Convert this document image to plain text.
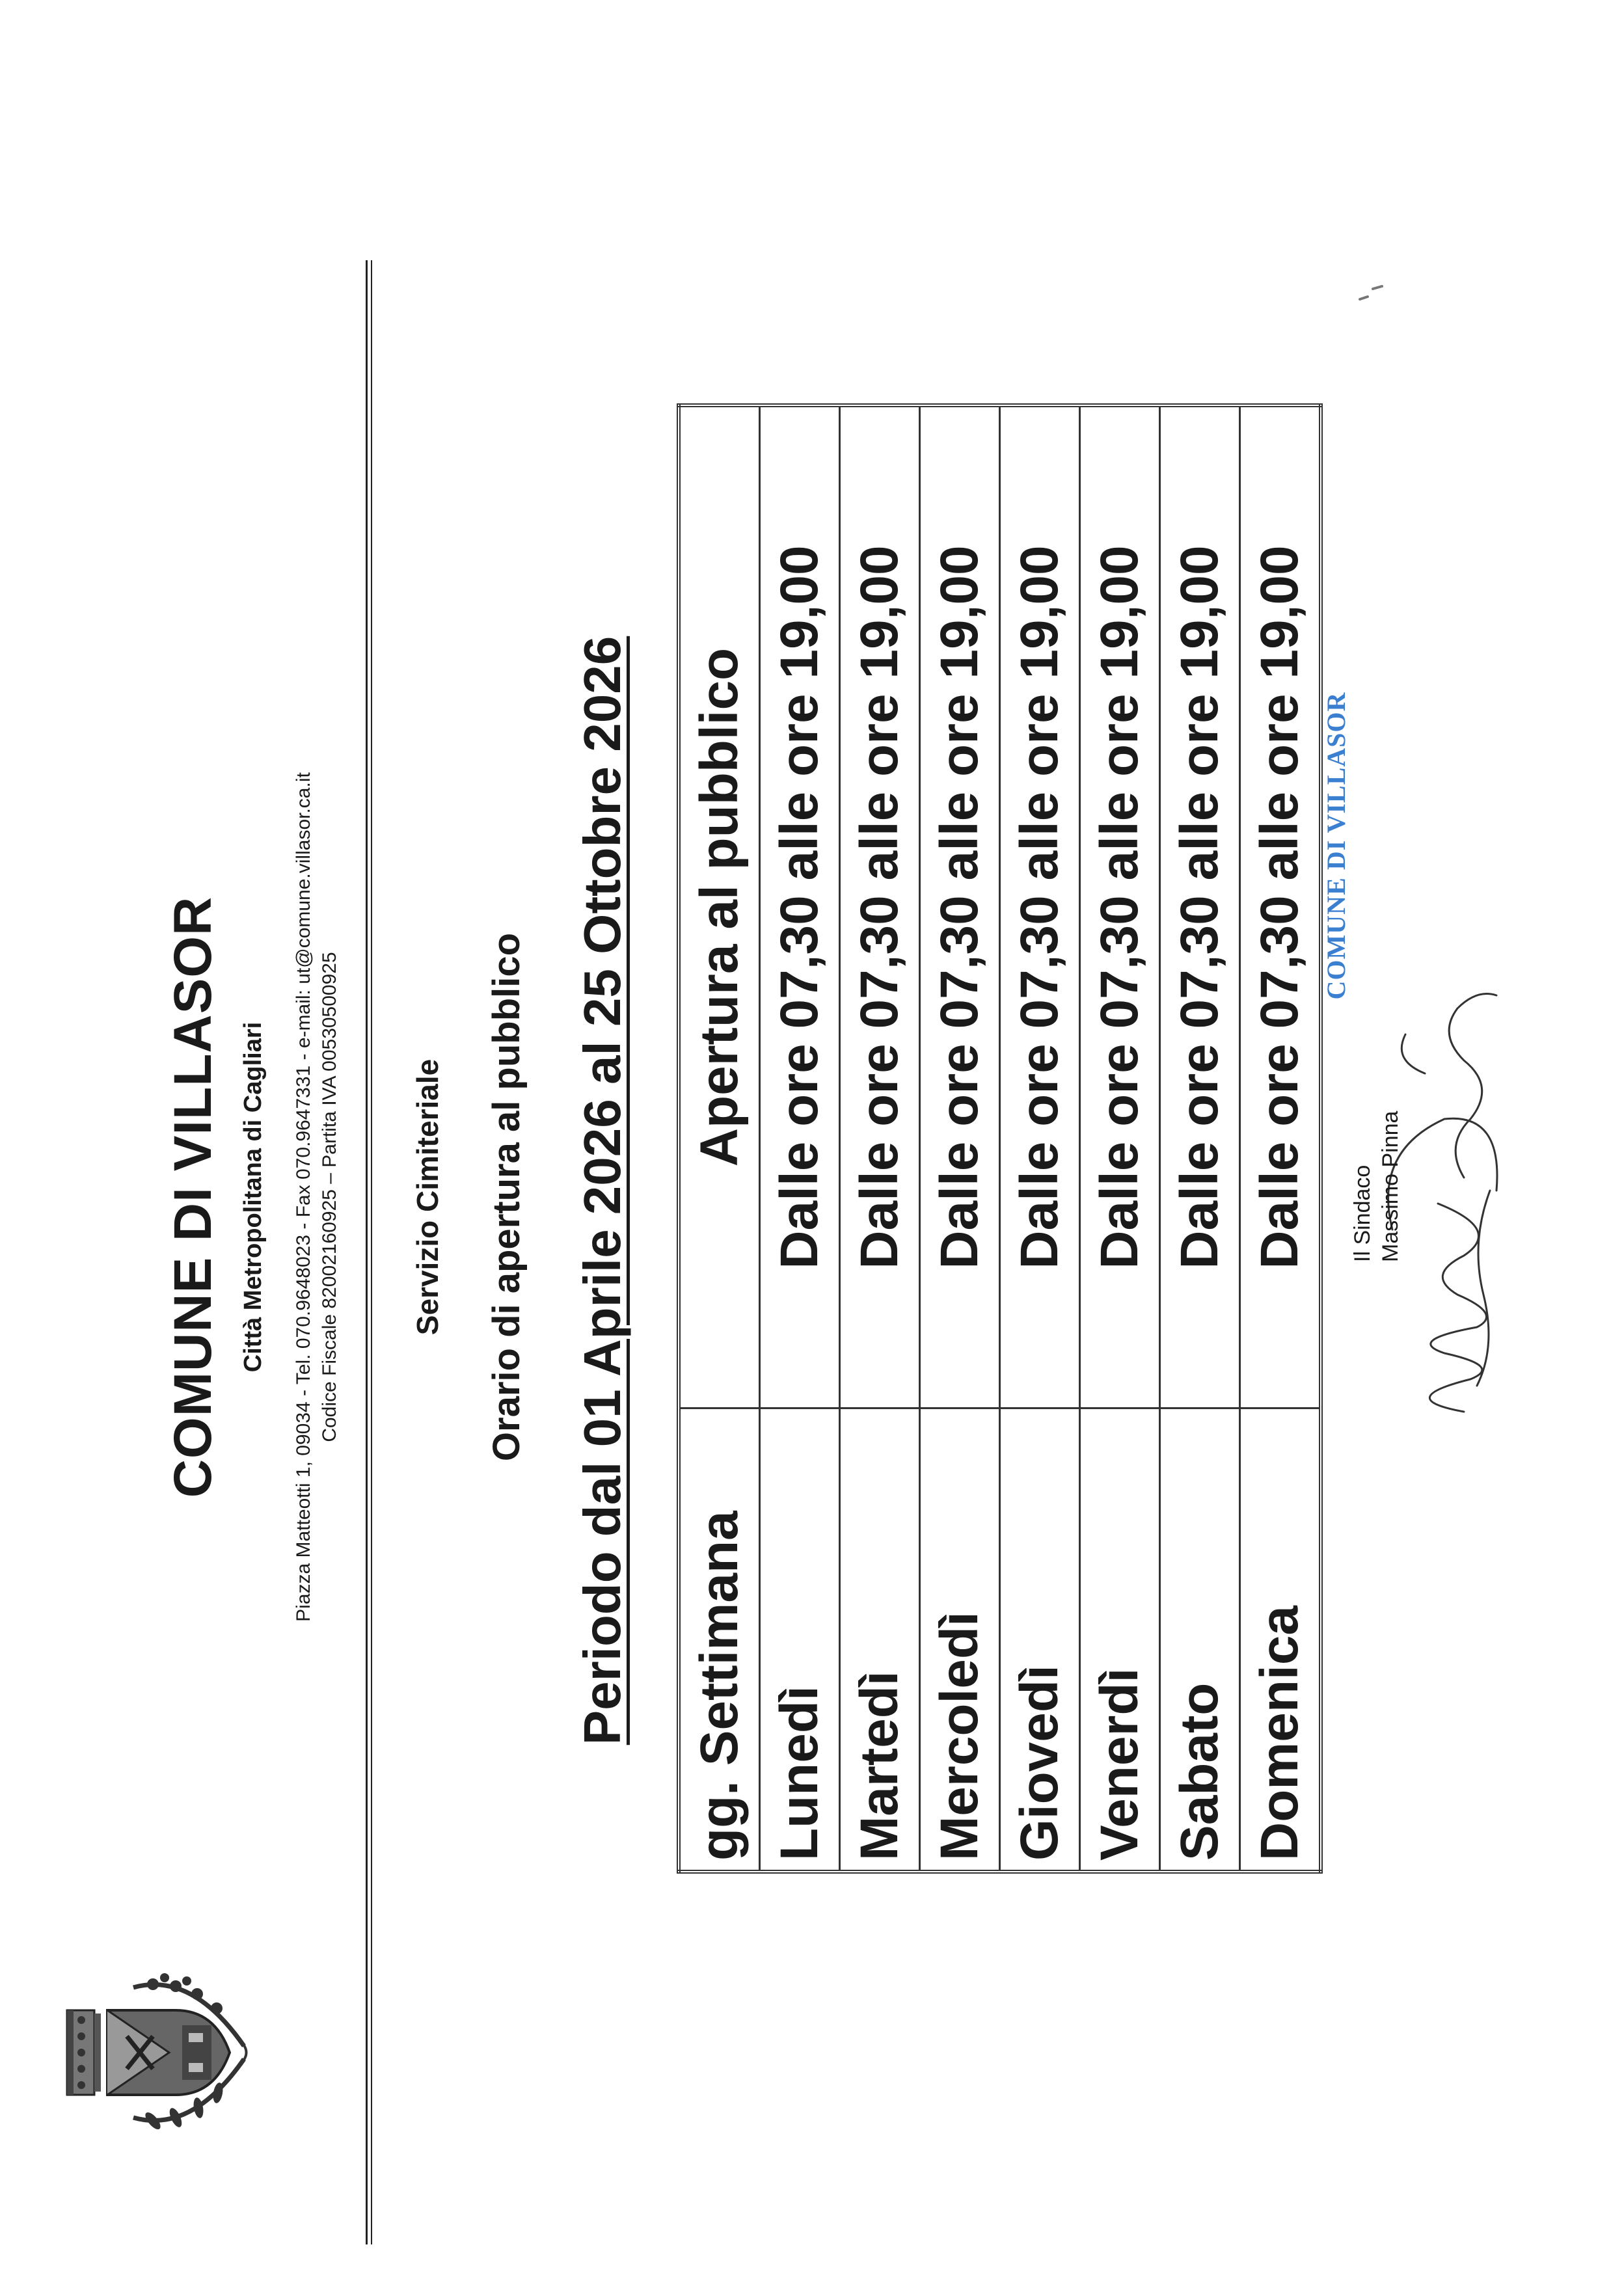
COMUNE DI VILLASOR Città Metropolitana di Cagliari Piazza Matteotti 1, 09034 - Tel. 070.9648023 - Fax 070.9647331 - e-mail: ut@comune.villasor.ca.it Codice Fiscale 82002160925 – Partita IVA 00530500925 Servizio Cimiteriale Orario di apertura al pubblico Periodo dal 01 Aprile 2026 al 25 Ottobre 2026 gg. Settimana	Apertura al pubblico
Lunedì	Dalle ore 07,30 alle ore 19,00
Martedì	Dalle ore 07,30 alle ore 19,00
Mercoledì	Dalle ore 07,30 alle ore 19,00
Giovedì	Dalle ore 07,30 alle ore 19,00
Venerdì	Dalle ore 07,30 alle ore 19,00
Sabato	Dalle ore 07,30 alle ore 19,00
Domenica	Dalle ore 07,30 alle ore 19,00 Il Sindaco Massimo Pinna
COMUNE DI VILLASOR
